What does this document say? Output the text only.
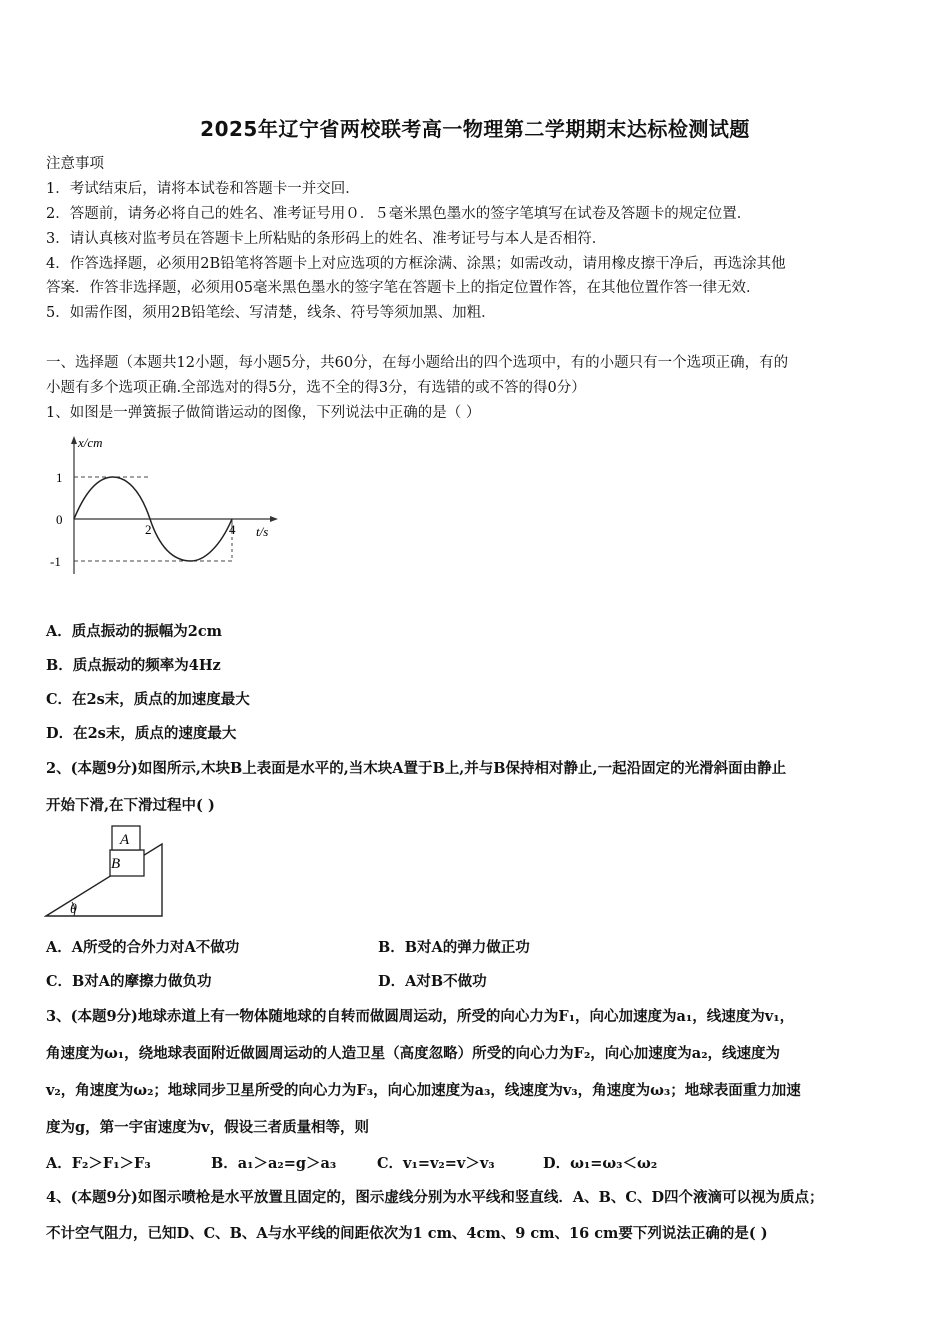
2025年辽宁省两校联考高一物理第二学期期末达标检测试题
注意事项
1．考试结束后，请将本试卷和答题卡一并交回．
2．答题前，请务必将自己的姓名、准考证号用０．５毫米黑色墨水的签字笔填写在试卷及答题卡的规定位置．
3．请认真核对监考员在答题卡上所粘贴的条形码上的姓名、准考证号与本人是否相符．
4．作答选择题，必须用2B铅笔将答题卡上对应选项的方框涂满、涂黑；如需改动，请用橡皮擦干净后，再选涂其他
答案．作答非选择题，必须用05毫米黑色墨水的签字笔在答题卡上的指定位置作答，在其他位置作答一律无效．
5．如需作图，须用2B铅笔绘、写清楚，线条、符号等须加黑、加粗．
一、选择题（本题共12小题，每小题5分，共60分，在每小题给出的四个选项中，有的小题只有一个选项正确，有的
小题有多个选项正确.全部选对的得5分，选不全的得3分，有选错的或不答的得0分）
1、如图是一弹簧振子做简谐运动的图像，下列说法中正确的是（ ）
x/cm
t/s
1
0
-1
2	4
A．质点振动的振幅为2cm
B．质点振动的频率为4Hz
C．在2s末，质点的加速度最大
D．在2s末，质点的速度最大
2、(本题9分)如图所示,木块B上表面是水平的,当木块A置于B上,并与B保持相对静止,一起沿固定的光滑斜面由静止
开始下滑,在下滑过程中( )
A
B
θ
A．A所受的合外力对A不做功	B．B对A的弹力做正功
C．B对A的摩擦力做负功	D．A对B不做功
3、(本题9分)地球赤道上有一物体随地球的自转而做圆周运动，所受的向心力为F₁，向心加速度为a₁，线速度为v₁，
角速度为ω₁，绕地球表面附近做圆周运动的人造卫星（高度忽略）所受的向心力为F₂，向心加速度为a₂，线速度为
v₂，角速度为ω₂；地球同步卫星所受的向心力为F₃，向心加速度为a₃，线速度为v₃，角速度为ω₃；地球表面重力加速
度为g，第一宇宙速度为v，假设三者质量相等，则
A．F₂＞F₁＞F₃	B．a₁＞a₂=g＞a₃	C．v₁=v₂=v＞v₃	D．ω₁=ω₃＜ω₂
4、(本题9分)如图示喷枪是水平放置且固定的，图示虚线分别为水平线和竖直线．A、B、C、D四个液滴可以视为质点；
不计空气阻力，已知D、C、B、A与水平线的间距依次为1 cm、4cm、9 cm、16 cm要下列说法正确的是( )
